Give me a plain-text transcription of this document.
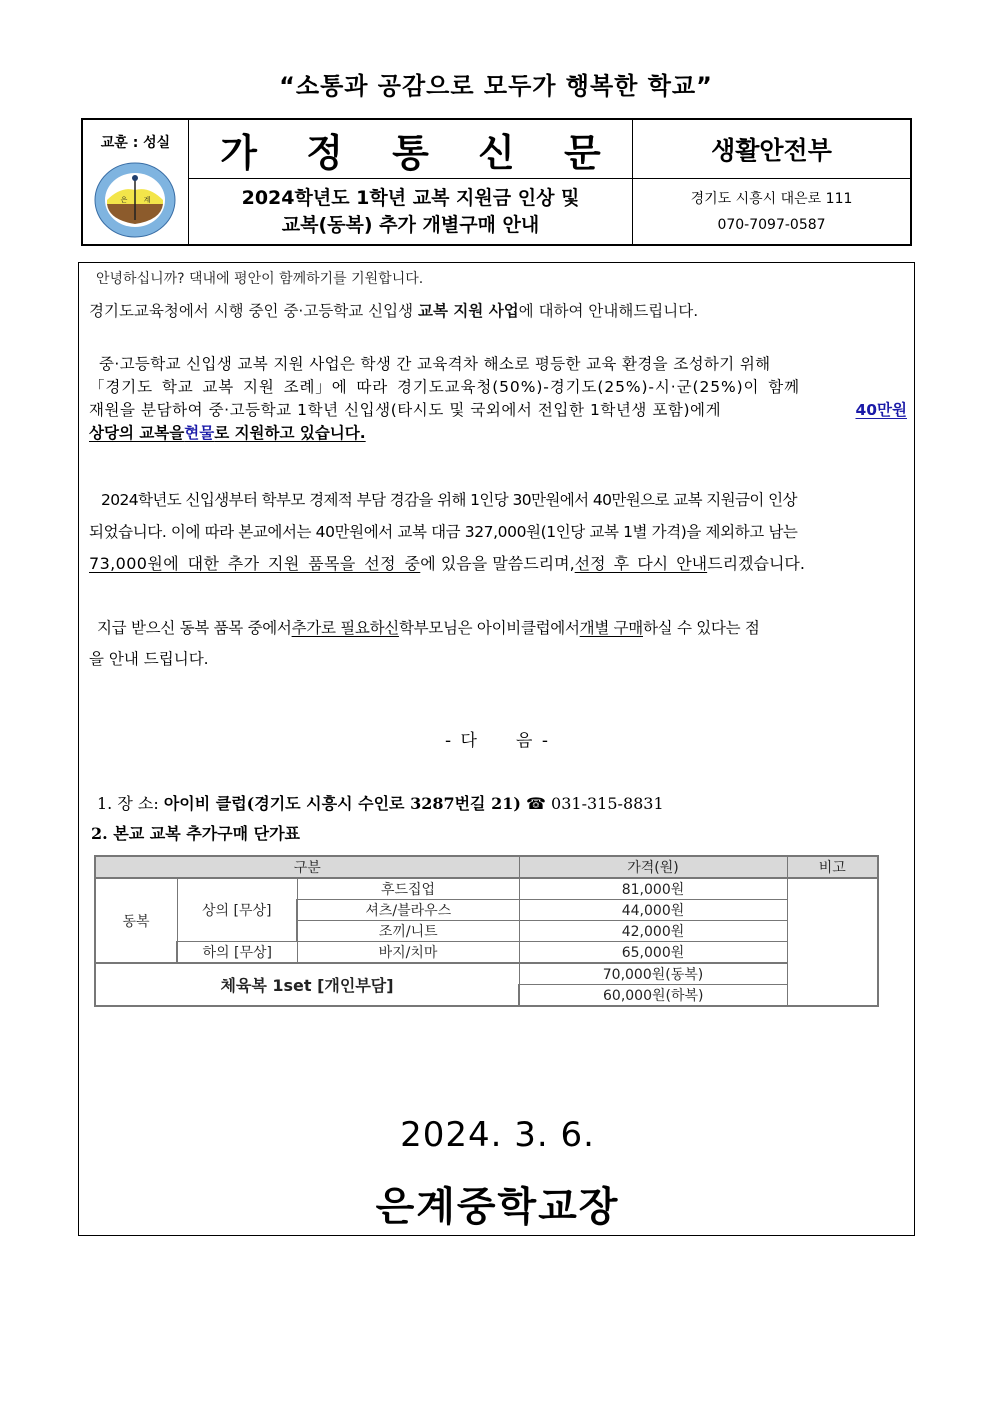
“소통과 공감으로 모두가 행복한 학교”
교훈 : 성실
은 계
가 정 통 신 문
2024학년도 1학년 교복 지원금 인상 및
교복(동복) 추가 개별구매 안내
생활안전부
경기도 시흥시 대은로 111
070-7097-0587
안녕하십니까? 댁내에 평안이 함께하기를 기원합니다.
경기도교육청에서 시행 중인 중·고등학교 신입생 교복 지원 사업에 대하여 안내해드립니다.
중·고등학교 신입생 교복 지원 사업은 학생 간 교육격차 해소로 평등한 교육 환경을 조성하기 위해
「경기도 학교 교복 지원 조례」에 따라 경기도교육청(50%)-경기도(25%)-시·군(25%)이 함께
재원을 분담하여 중·고등학교 1학년 신입생(타시도 및 국외에서 전입한 1학년생 포함)에게	40만원
상당의 교복을 현물 로 지원하고 있습니다.
2024학년도 신입생부터 학부모 경제적 부담 경감을 위해 1인당 30만원에서 40만원으로 교복 지원금이 인상
되었습니다. 이에 따라 본교에서는 40만원에서 교복 대금 327,000원(1인당 교복 1별 가격)을 제외하고 남는
73,000원에 대한 추가 지원 품목을 선정 중 에 있음을 말씀드리며, 선정 후 다시 안내 드리겠습니다.
지급 받으신 동복 품목 중에서 추가로 필요하신 학부모님은 아이비클럽에서 개별 구매 하실 수 있다는 점
을 안내 드립니다.
- 다     음 -
1. 장 소: 아이비 클럽(경기도 시흥시 수인로 3287번길 21) ☎ 031-315-8831
2. 본교 교복 추가구매 단가표
구분			가격(원)	비고
동복	상의 [무상]	후드집업	81,000원	
		셔츠/블라우스	44,000원	
		조끼/니트	42,000원	
	하의 [무상]	바지/치마	65,000원	
체육복 1set [개인부담]			70,000원(동복)	
			60,000원(하복)	
2024. 3. 6.
은계중학교장
